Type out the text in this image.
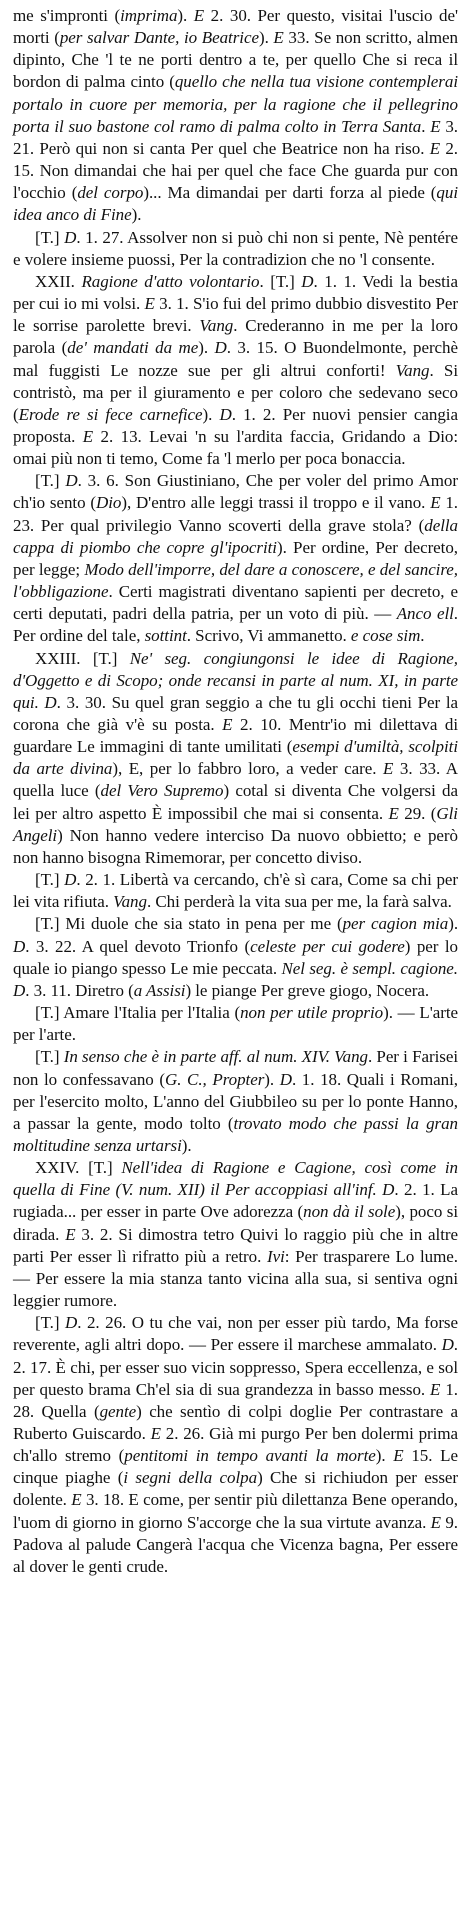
me s'impronti (imprima). E 2. 30. Per questo, visitai l'uscio de' morti (per salvar Dante, io Beatrice). E 33. Se non scritto, almen dipinto, Che 'l te ne porti dentro a te, per quello Che si reca il bordon di palma cinto (quello che nella tua visione contemplerai portalo in cuore per memoria, per la ragione che il pellegrino porta il suo bastone col ramo di palma colto in Terra Santa. E 3. 21. Però qui non si canta Per quel che Beatrice non ha riso. E 2. 15. Non dimandai che hai per quel che face Che guarda pur con l'occhio (del corpo)... Ma dimandai per darti forza al piede (qui idea anco di Fine).

[T.] D. 1. 27. Assolver non si può chi non si pente, Nè pentére e volere insieme puossi, Per la contradizion che no 'l consente.

XXII. Ragione d'atto volontario. [T.] D. 1. 1. Vedi la bestia per cui io mi volsi. E 3. 1. S'io fui del primo dubbio disvestito Per le sorrise parolette brevi. Vang. Crederanno in me per la loro parola (de' mandati da me). D. 3. 15. O Buondelmonte, perchè mal fuggisti Le nozze sue per gli altrui conforti! Vang. Si contristò, ma per il giuramento e per coloro che sedevano seco (Erode re si fece carnefice). D. 1. 2. Per nuovi pensier cangia proposta. E 2. 13. Levai 'n su l'ardita faccia, Gridando a Dio: omai più non ti temo, Come fa 'l merlo per poca bonaccia.

[T.] D. 3. 6. Son Giustiniano, Che per voler del primo Amor ch'io sento (Dio), D'entro alle leggi trassi il troppo e il vano. E 1. 23. Per qual privilegio Vanno scoverti della grave stola? (della cappa di piombo che copre gl'ipocriti). Per ordine, Per decreto, per legge; Modo dell'imporre, del dare a conoscere, e del sancire, l'obbligazione. Certi magistrati diventano sapienti per decreto, e certi deputati, padri della patria, per un voto di più. — Anco ell. Per ordine del tale, sottint. Scrivo, Vi ammanetto. e cose sim.

XXIII. [T.] Ne' seg. congiungonsi le idee di Ragione, d'Oggetto e di Scopo; onde recansi in parte al num. XI, in parte qui. D. 3. 30. Su quel gran seggio a che tu gli occhi tieni Per la corona che già v'è su posta. E 2. 10. Mentr'io mi dilettava di guardare Le immagini di tante umilitati (esempi d'umiltà, scolpiti da arte divina), E, per lo fabbro loro, a veder care. E 3. 33. A quella luce (del Vero Supremo) cotal si diventa Che volgersi da lei per altro aspetto È impossibil che mai si consenta. E 29. (Gli Angeli) Non hanno vedere interciso Da nuovo obbietto; e però non hanno bisogna Rimemorar, per concetto diviso.

[T.] D. 2. 1. Libertà va cercando, ch'è sì cara, Come sa chi per lei vita rifiuta. Vang. Chi perderà la vita sua per me, la farà salva.

[T.] Mi duole che sia stato in pena per me (per cagion mia). D. 3. 22. A quel devoto Trionfo (celeste per cui godere) per lo quale io piango spesso Le mie peccata. Nel seg. è sempl. cagione. D. 3. 11. Diretro (a Assisi) le piange Per greve giogo, Nocera.

[T.] Amare l'Italia per l'Italia (non per utile proprio). — L'arte per l'arte.

[T.] In senso che è in parte aff. al num. XIV. Vang. Per i Farisei non lo confessavano (G. C., Propter). D. 1. 18. Quali i Romani, per l'esercito molto, L'anno del Giubbileo su per lo ponte Hanno, a passar la gente, modo tolto (trovato modo che passi la gran moltitudine senza urtarsi).

XXIV. [T.] Nell'idea di Ragione e Cagione, così come in quella di Fine (V. num. XII) il Per accoppiasi all'inf. D. 2. 1. La rugiada... per esser in parte Ove adorezza (non dà il sole), poco si dirada. E 3. 2. Si dimostra tetro Quivi lo raggio più che in altre parti Per esser lì rifratto più a retro. Ivi: Per trasparere Lo lume. — Per essere la mia stanza tanto vicina alla sua, si sentiva ogni leggier rumore.

[T.] D. 2. 26. O tu che vai, non per esser più tardo, Ma forse reverente, agli altri dopo. — Per essere il marchese ammalato. D. 2. 17. È chi, per esser suo vicin soppresso, Spera eccellenza, e sol per questo brama Ch'el sia di sua grandezza in basso messo. E 1. 28. Quella (gente) che sentìo di colpi doglie Per contrastare a Ruberto Guiscardo. E 2. 26. Già mi purgo Per ben dolermi prima ch'allo stremo (pentitomi in tempo avanti la morte). E 15. Le cinque piaghe (i segni della colpa) Che si richiudon per esser dolente. E 3. 18. E come, per sentir più dilettanza Bene operando, l'uom di giorno in giorno S'accorge che la sua virtute avanza. E 9. Padova al palude Cangerà l'acqua che Vicenza bagna, Per essere al dover le genti crude.
